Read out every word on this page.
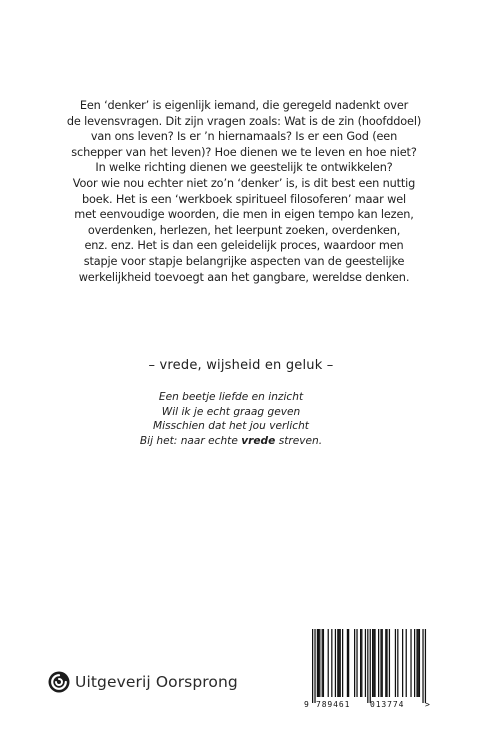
Een ‘denker’ is eigenlijk iemand, die geregeld nadenkt over
de levensvragen. Dit zijn vragen zoals: Wat is de zin (hoofddoel)
van ons leven? Is er ’n hiernamaals? Is er een God (een
schepper van het leven)? Hoe dienen we te leven en hoe niet?
In welke richting dienen we geestelijk te ontwikkelen?
Voor wie nou echter niet zo’n ‘denker’ is, is dit best een nuttig
boek. Het is een ‘werkboek spiritueel filosoferen’ maar wel
met eenvoudige woorden, die men in eigen tempo kan lezen,
overdenken, herlezen, het leerpunt zoeken, overdenken,
enz. enz. Het is dan een geleidelijk proces, waardoor men
stapje voor stapje belangrijke aspecten van de geestelijke
werkelijkheid toevoegt aan het gangbare, wereldse denken.
– vrede, wijsheid en geluk –
Een beetje liefde en inzicht
Wil ik je echt graag geven
Misschien dat het jou verlicht
Bij het: naar echte vrede streven.
Uitgeverij Oorsprong
9 789461 013774	>
